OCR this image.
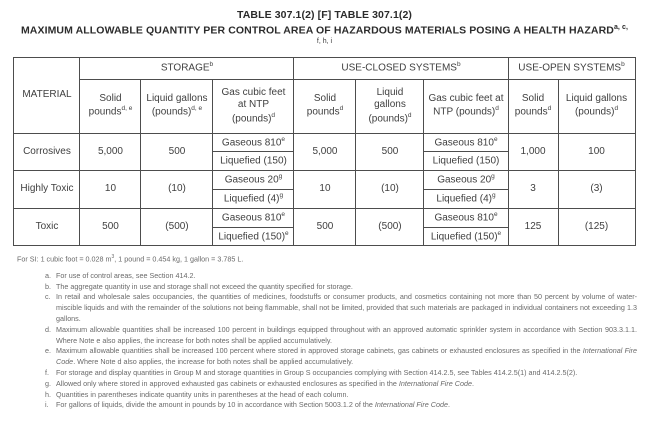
TABLE 307.1(2) [F] TABLE 307.1(2)
MAXIMUM ALLOWABLE QUANTITY PER CONTROL AREA OF HAZARDOUS MATERIALS POSING A HEALTH $HAZARD^{a, c,}$
f, h, i
MATERIAL	STORAGE$^b$			USE-CLOSED SYSTEMS$^b$			USE-OPEN SYSTEMS$^b$
	Solid pounds$^{d, e}$	Liquid gallons (pounds)$^{d, e}$	Gas cubic feet at NTP (pounds)$^d$	Solid pounds$^d$	Liquid gallons (pounds)$^d$	Gas cubic feet at NTP (pounds)$^d$	Solid pounds$^d$	Liquid gallons (pounds)$^d$
Corrosives	5,000	500	Gaseous 810e	5,000	500	Gaseous 810e	1,000	100
			Liquefied (150)			Liquefied (150)		
Highly Toxic	10	(10)	Gaseous 20$^g$	10	(10)	Gaseous 20$^g$	3	(3)
			Liquefied $(4)^g$			Liquefied $(4)^g$
Toxic	500	(500)	Gaseous 810e	500	(500)	Gaseous 810e	125	(125)
			Liquefied $(150)^e$			Liquefied $(150)^e$
For SI: 1 cubic foot = 0.028 $m^3$, 1 pound = 0.454 kg, 1 gallon = 3.785 L.
a. For use of control areas, see Section 414.2.
b. The aggregate quantity in use and storage shall not exceed the quantity specified for storage.
c. In retail and wholesale sales occupancies, the quantities of medicines, foodstuffs or consumer products, and cosmetics containing not more than 50 percent by volume of water-miscible liquids and with the remainder of the solutions not being flammable, shall not be limited, provided that such materials are packaged in individual containers not exceeding 1.3 gallons.
d. Maximum allowable quantities shall be increased 100 percent in buildings equipped throughout with an approved automatic sprinkler system in accordance with Section 903.3.1.1. Where Note e also applies, the increase for both notes shall be applied accumulatively.
e. Maximum allowable quantities shall be increased 100 percent where stored in approved storage cabinets, gas cabinets or exhausted enclosures as specified in the International Fire Code. Where Note d also applies, the increase for both notes shall be applied accumulatively.
f. For storage and display quantities in Group M and storage quantities in Group S occupancies complying with Section 414.2.5, see Tables 414.2.5(1) and 414.2.5(2).
g. Allowed only where stored in approved exhausted gas cabinets or exhausted enclosures as specified in the International Fire Code.
h. Quantities in parentheses indicate quantity units in parentheses at the head of each column.
i.	For gallons of liquids, divide the amount in pounds by 10 in accordance with Section 5003.1.2 of the International Fire Code.
